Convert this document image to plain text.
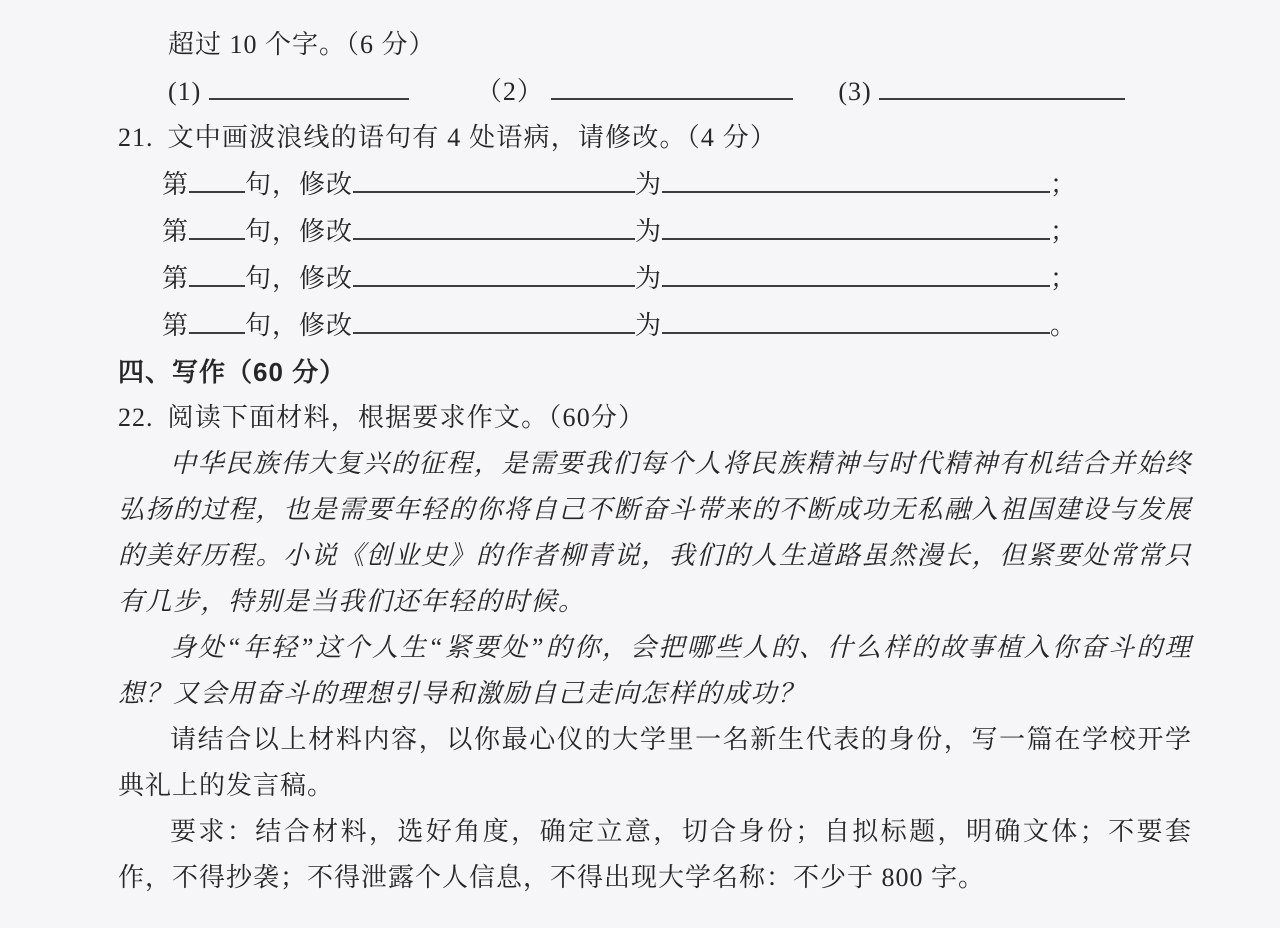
超过 10 个字。（6 分）

(1)	（2）	(3)

21. 文中画波浪线的语句有 4 处语病，请修改。（4 分）

第 句，修改	为	；
第 句，修改	为	；
第 句，修改	为	；
第 句，修改	为	。

四、写作（60 分）

22. 阅读下面材料，根据要求作文。（60分）

中华民族伟大复兴的征程，是需要我们每个人将民族精神与时代精神有机结合并始终弘扬的过程，也是需要年轻的你将自己不断奋斗带来的不断成功无私融入祖国建设与发展的美好历程。小说《创业史》的作者柳青说，我们的人生道路虽然漫长，但紧要处常常只有几步，特别是当我们还年轻的时候。

身处“年轻”这个人生“紧要处”的你，会把哪些人的、什么样的故事植入你奋斗的理想？又会用奋斗的理想引导和激励自己走向怎样的成功？

请结合以上材料内容，以你最心仪的大学里一名新生代表的身份，写一篇在学校开学典礼上的发言稿。

要求：结合材料，选好角度，确定立意，切合身份；自拟标题，明确文体；不要套作，不得抄袭；不得泄露个人信息，不得出现大学名称：不少于 800 字。
